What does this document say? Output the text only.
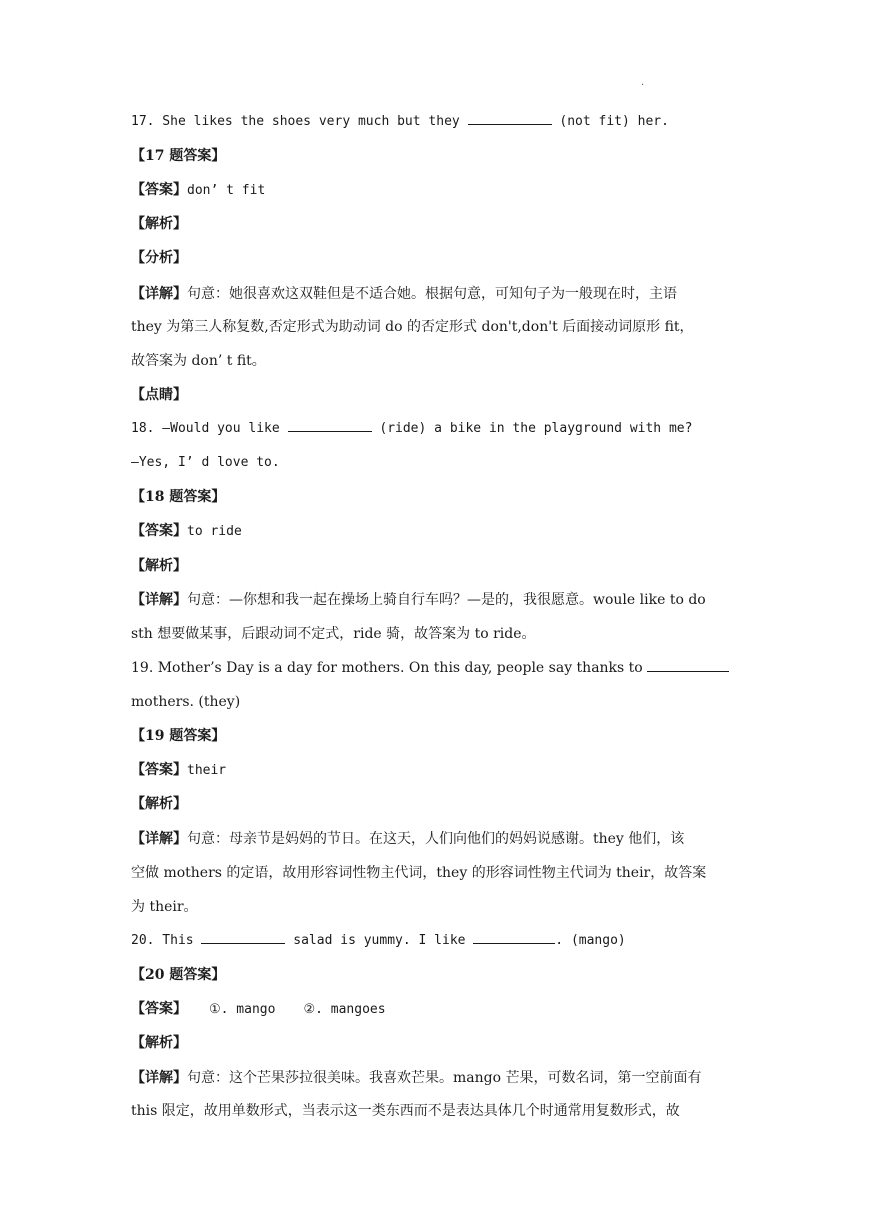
·
17. She likes the shoes very much but they	(not fit) her.
【17 题答案】
【答案】don’ t fit
【解析】
【分析】
【详解】句意：她很喜欢这双鞋但是不适合她。根据句意，可知句子为一般现在时，主语
they 为第三人称复数,否定形式为助动词 do 的否定形式 don't,don't 后面接动词原形 fit，
故答案为 don’ t fit。
【点睛】
18. —Would you like	(ride) a bike in the playground with me?
—Yes, I’ d love to.
【18 题答案】
【答案】to ride
【解析】
【详解】句意：—你想和我一起在操场上骑自行车吗？—是的，我很愿意。woule like to do
sth 想要做某事，后跟动词不定式，ride 骑，故答案为 to ride。
19. Mother’s Day is a day for mothers. On this day, people say thanks to
mothers. (they)
【19 题答案】
【答案】their
【解析】
【详解】句意：母亲节是妈妈的节日。在这天，人们向他们的妈妈说感谢。they 他们，该
空做 mothers 的定语，故用形容词性物主代词，they 的形容词性物主代词为 their，故答案
为 their。
20. This	salad is yummy. I like	. (mango)
【20 题答案】
【答案】 ①. mango ②. mangoes
【解析】
【详解】句意：这个芒果莎拉很美味。我喜欢芒果。mango 芒果，可数名词，第一空前面有
this 限定，故用单数形式，当表示这一类东西而不是表达具体几个时通常用复数形式，故
